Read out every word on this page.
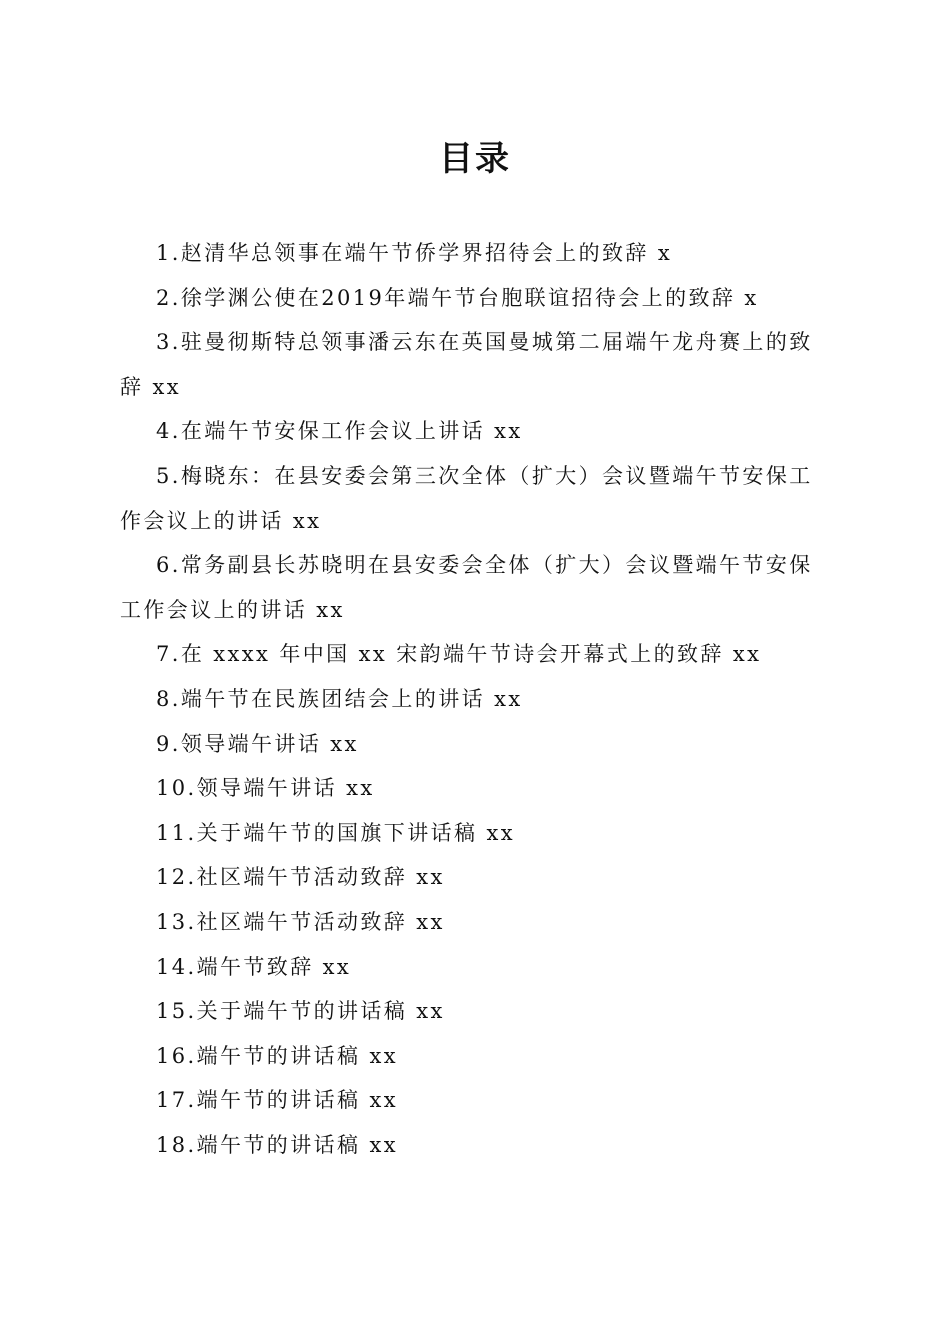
目录
1.赵清华总领事在端午节侨学界招待会上的致辞 x
2.徐学渊公使在2019年端午节台胞联谊招待会上的致辞 x
3.驻曼彻斯特总领事潘云东在英国曼城第二届端午龙舟赛上的致辞 xx
4.在端午节安保工作会议上讲话 xx
5.梅晓东：在县安委会第三次全体（扩大）会议暨端午节安保工作会议上的讲话 xx
6.常务副县长苏晓明在县安委会全体（扩大）会议暨端午节安保工作会议上的讲话 xx
7.在 xxxx 年中国 xx 宋韵端午节诗会开幕式上的致辞 xx
8.端午节在民族团结会上的讲话 xx
9.领导端午讲话 xx
10.领导端午讲话 xx
11.关于端午节的国旗下讲话稿 xx
12.社区端午节活动致辞 xx
13.社区端午节活动致辞 xx
14.端午节致辞 xx
15.关于端午节的讲话稿 xx
16.端午节的讲话稿 xx
17.端午节的讲话稿 xx
18.端午节的讲话稿 xx
